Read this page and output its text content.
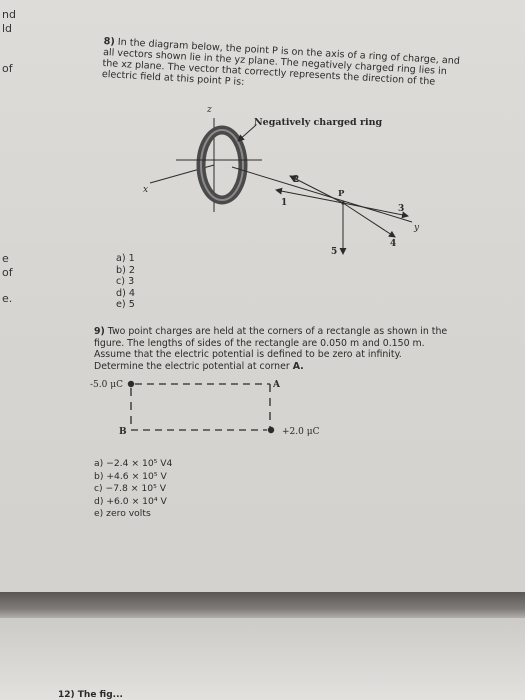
nd
ld
of
e
of
e.
8) In the diagram below, the point P is on the axis of a ring of charge, and all vectors shown lie in the yz plane. The negatively charged ring lies in the xz plane. The vector that correctly represents the direction of the electric field at this point P is:
z
x
y
Negatively charged ring
P
1
2
3
4
5
a) 1
b) 2
c) 3
d) 4
e) 5
9) Two point charges are held at the corners of a rectangle as shown in the figure. The lengths of sides of the rectangle are 0.050 m and 0.150 m. Assume that the electric potential is defined to be zero at infinity. Determine the electric potential at corner A.
-5.0 μC	A
B	+2.0 μC
a) −2.4 × 10⁵ V4
b) +4.6 × 10⁵ V
c) −7.8 × 10⁵ V
d) +6.0 × 10⁴ V
e) zero volts
12) The fig...
